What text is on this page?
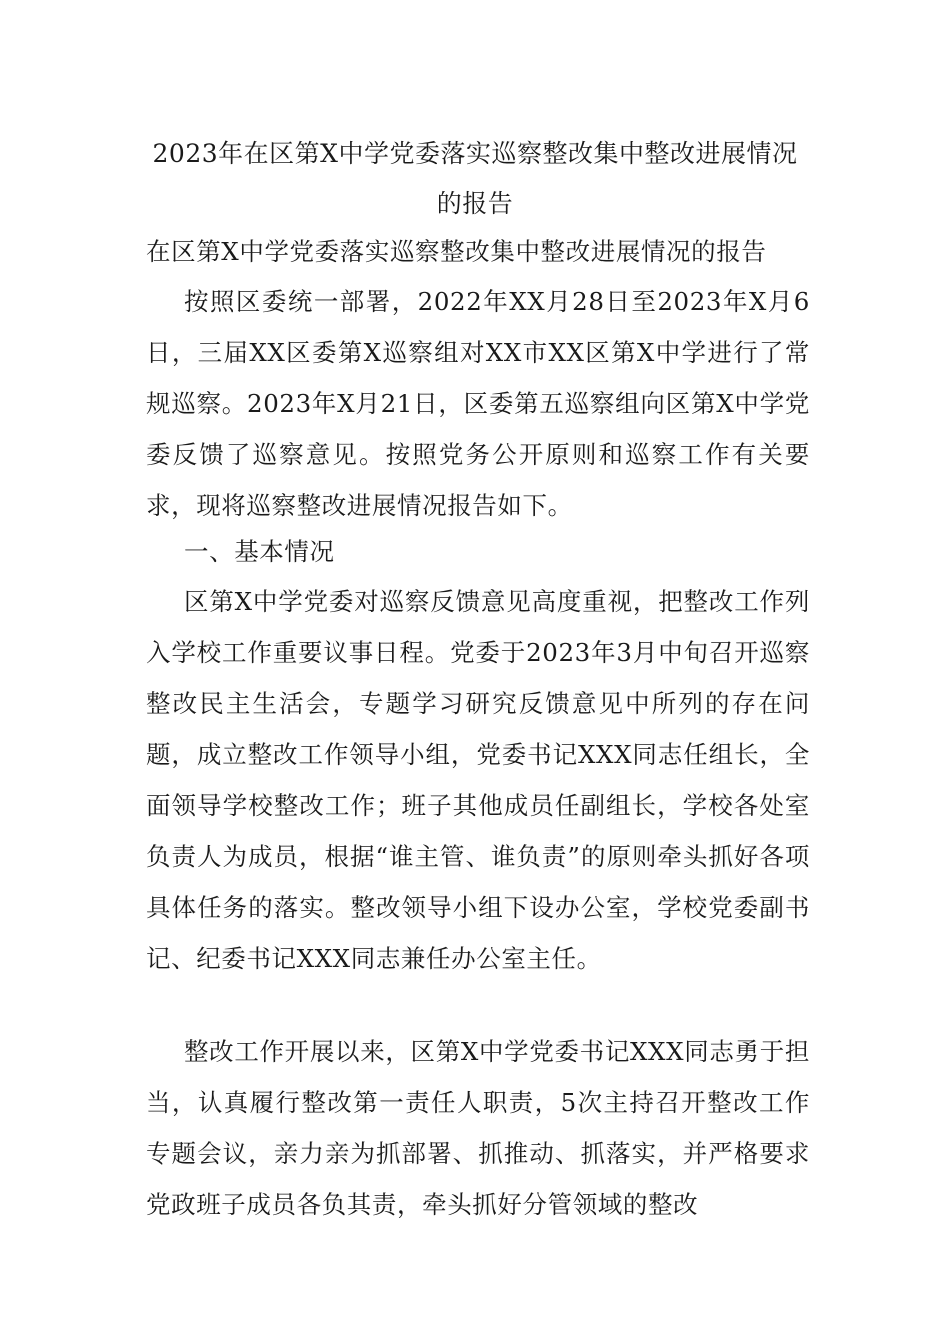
2023年在区第X中学党委落实巡察整改集中整改进展情况的报告

在区第X中学党委落实巡察整改集中整改进展情况的报告

按照区委统一部署，2022年XX月28日至2023年X月6日，三届XX区委第X巡察组对XX市XX区第X中学进行了常规巡察。2023年X月21日，区委第五巡察组向区第X中学党委反馈了巡察意见。按照党务公开原则和巡察工作有关要求，现将巡察整改进展情况报告如下。

一、基本情况

区第X中学党委对巡察反馈意见高度重视，把整改工作列入学校工作重要议事日程。党委于2023年3月中旬召开巡察整改民主生活会，专题学习研究反馈意见中所列的存在问题，成立整改工作领导小组，党委书记XXX同志任组长，全面领导学校整改工作；班子其他成员任副组长，学校各处室负责人为成员，根据“谁主管、谁负责”的原则牵头抓好各项具体任务的落实。整改领导小组下设办公室，学校党委副书记、纪委书记XXX同志兼任办公室主任。

整改工作开展以来，区第X中学党委书记XXX同志勇于担当，认真履行整改第一责任人职责，5次主持召开整改工作专题会议，亲力亲为抓部署、抓推动、抓落实，并严格要求党政班子成员各负其责，牵头抓好分管领域的整改
